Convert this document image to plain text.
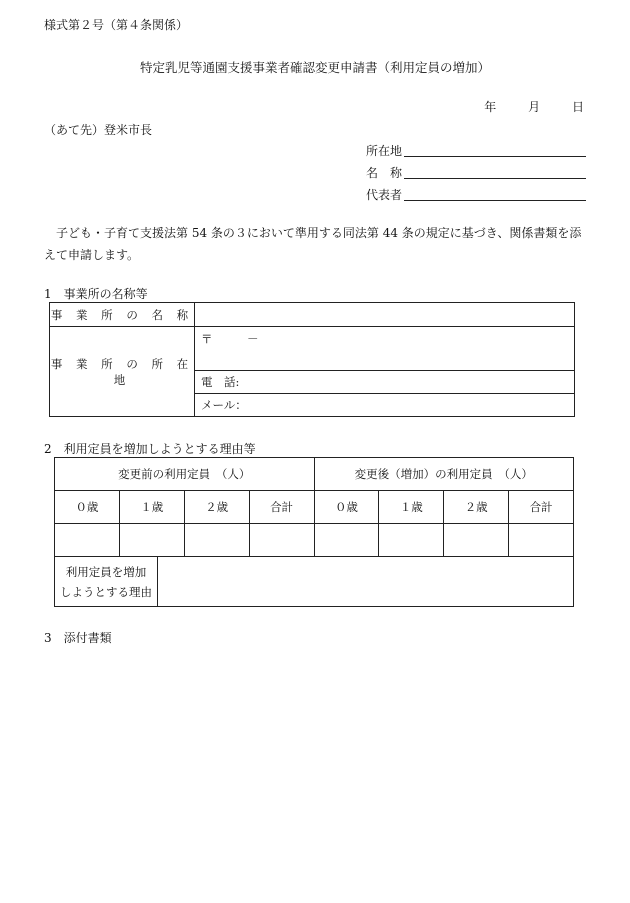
様式第２号（第４条関係）
特定乳児等通園支援事業者確認変更申請書（利用定員の増加）
年	月	日
（あて先）登米市長
所在地
名　称
代表者
子ども・子育て支援法第 54 条の３において準用する同法第 44 条の規定に基づき、関係書類を添えて申請します。
1　事業所の名称等
事 業 所 の 名 称	
事 業 所 の 所 在 地	〒　　　－
	電　話:
	メール：
2　利用定員を増加しようとする理由等
変更前の利用定員　（人）				変更後（増加）の利用定員　（人）			
０歳	１歳	２歳	合計	０歳	１歳	２歳	合計

利用定員を増加
しようとする理由

3　添付書類
